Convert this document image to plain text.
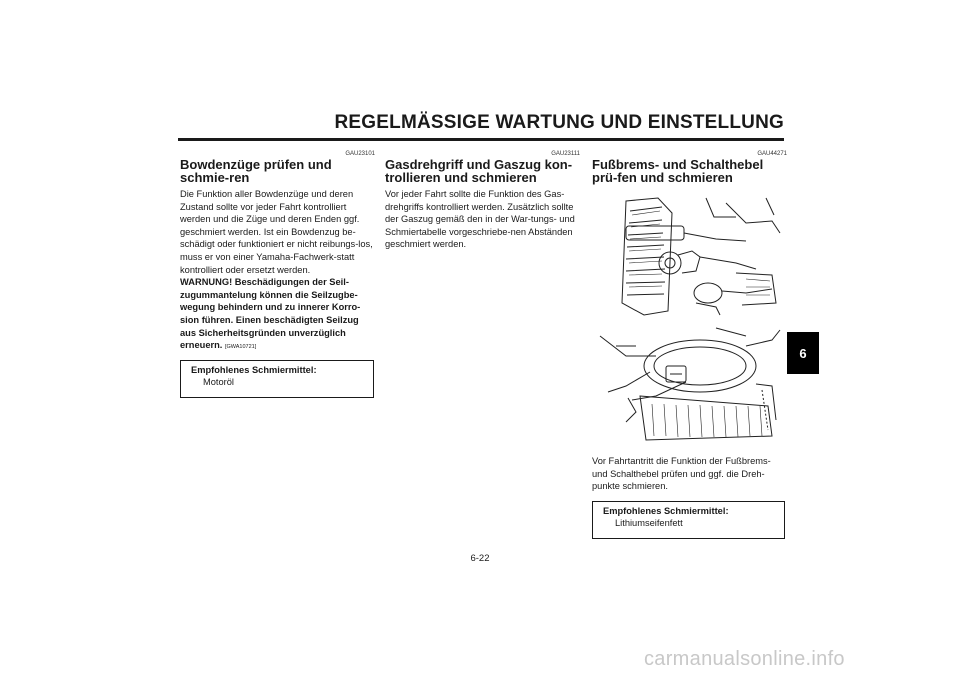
REGELMÄSSIGE WARTUNG UND EINSTELLUNG
GAU23101
Bowdenzüge prüfen und schmie-ren

Die Funktion aller Bowdenzüge und deren Zustand sollte vor jeder Fahrt kontrolliert werden und die Züge und deren Enden ggf. geschmiert werden. Ist ein Bowdenzug be-schädigt oder funktioniert er nicht reibungs-los, muss er von einer Yamaha-Fachwerk-statt kontrolliert oder ersetzt werden.

WARNUNG! Beschädigungen der Seil-zugummantelung können die Seilzugbe-wegung behindern und zu innerer Korro-sion führen. Einen beschädigten Seilzug aus Sicherheitsgründen unverzüglich erneuern. [GWA10721]

Empfohlenes Schmiermittel:
Motoröl
GAU23111
Gasdrehgriff und Gaszug kon-trollieren und schmieren

Vor jeder Fahrt sollte die Funktion des Gas-drehgriffs kontrolliert werden. Zusätzlich sollte der Gaszug gemäß den in der War-tungs- und Schmiertabelle vorgeschriebe-nen Abständen geschmiert werden.

GAU44271
Fußbrems- und Schalthebel prü-fen und schmieren

Vor Fahrtantritt die Funktion der Fußbrems- und Schalthebel prüfen und ggf. die Dreh-punkte schmieren.

Empfohlenes Schmiermittel:
Lithiumseifenfett
6
6-22
carmanualsonline.info
